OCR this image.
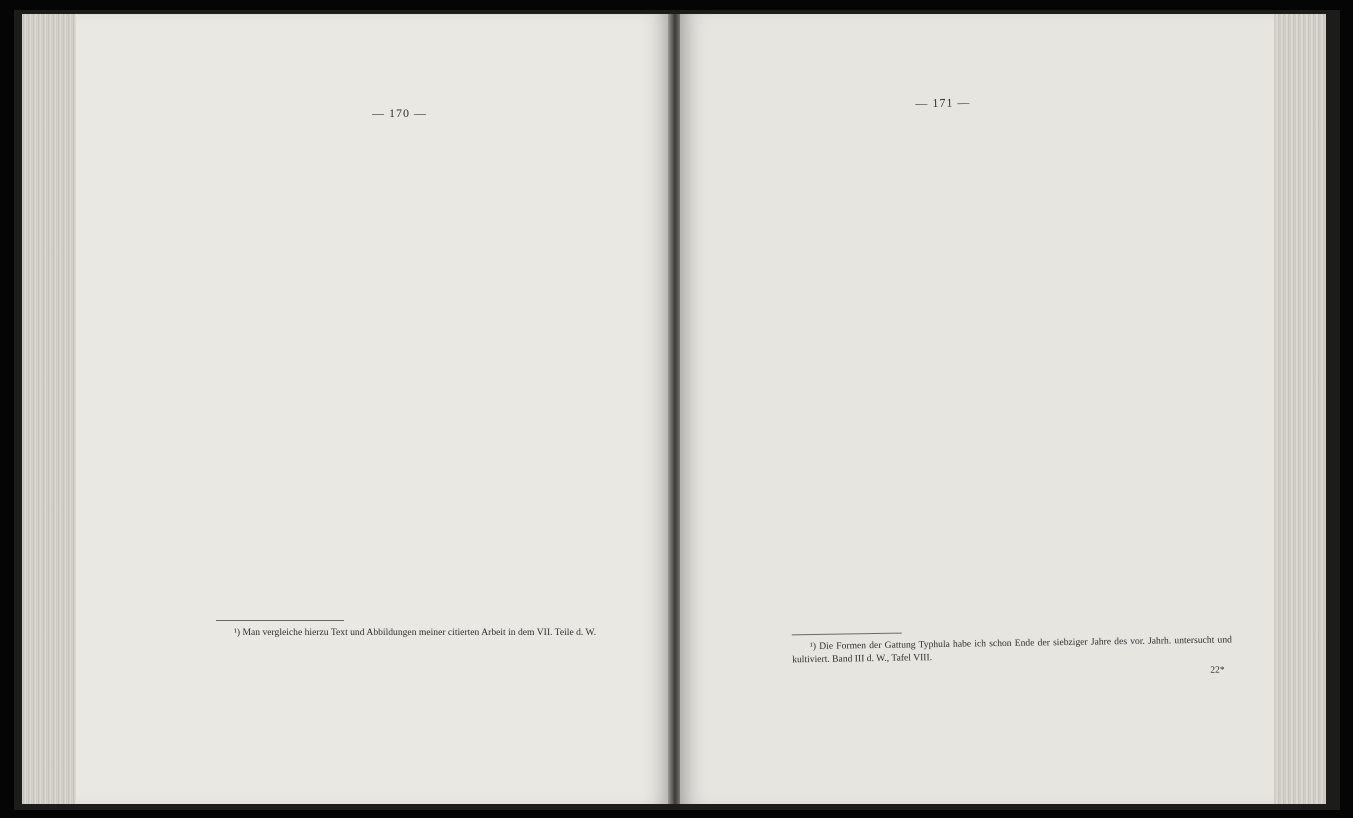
— 170 —

¹) Man vergleiche hierzu Text und Abbildungen meiner citierten Arbeit in dem VII. Teile d. W.

— 171 —

¹) Die Formen der Gattung Typhula habe ich schon Ende der siebziger Jahre des vor. Jahrh. untersucht und kultiviert. Band III d. W., Tafel VIII.

22*
